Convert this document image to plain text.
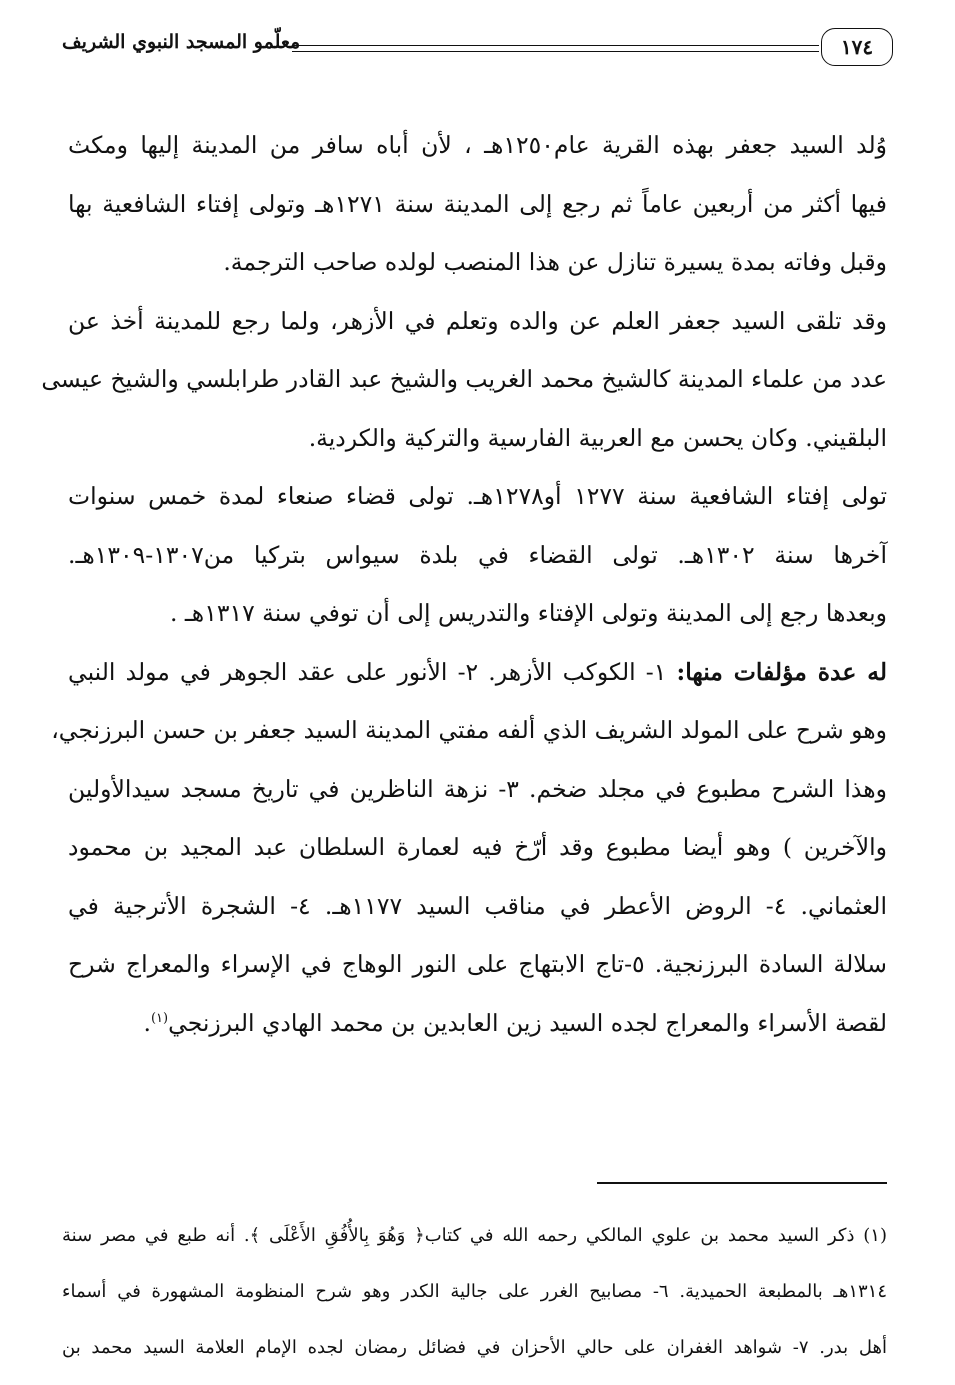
١٧٤
معلّمو المسجد النبوي الشريف
وُلد السيد جعفر بهذه القرية عام١٢٥٠هـ ، لأن أباه سافر من المدينة إليها ومكث
فيها أكثر من أربعين عاماً ثم رجع إلى المدينة سنة ١٢٧١هـ وتولى إفتاء الشافعية بها
وقبل وفاته بمدة يسيرة تنازل عن هذا المنصب لولده صاحب الترجمة.
وقد تلقى السيد جعفر العلم عن والده وتعلم في الأزهر، ولما رجع للمدينة أخذ عن
عدد من علماء المدينة كالشيخ محمد الغريب والشيخ عبد القادر طرابلسي والشيخ عيسى
البلقيني. وكان يحسن مع العربية الفارسية والتركية والكردية.
تولى إفتاء الشافعية سنة ١٢٧٧ أو١٢٧٨هـ. تولى قضاء صنعاء لمدة خمس سنوات
آخرها سنة ١٣٠٢هـ. تولى القضاء في بلدة سيواس بتركيا من١٣٠٧-١٣٠٩هـ.
وبعدها رجع إلى المدينة وتولى الإفتاء والتدريس إلى أن توفي سنة ١٣١٧هـ .
له عدة مؤلفات منها: ١- الكوكب الأزهر. ٢- الأنور على عقد الجوهر في مولد النبي
وهو شرح على المولد الشريف الذي ألفه مفتي المدينة السيد جعفر بن حسن البرزنجي،
وهذا الشرح مطبوع في مجلد ضخم. ٣- نزهة الناظرين في تاريخ مسجد سيدالأولين
والآخرين ) وهو أيضا مطبوع وقد أرّخ فيه لعمارة السلطان عبد المجيد بن محمود
العثماني. ٤- الروض الأعطر في مناقب السيد ١١٧٧هـ. ٤- الشجرة الأترجية في
سلالة السادة البرزنجية. ٥-تاج الابتهاج على النور الوهاج في الإسراء والمعراج شرح
لقصة الأسراء والمعراج لجده السيد زين العابدين بن محمد الهادي البرزنجي$^{(١)}$.
(١) ذكر السيد محمد بن علوي المالكي رحمه الله في كتاب﴿ وَهُوَ بِالأُفُقِ الأَعْلَى ﴾. أنه طبع في مصر سنة
١٣١٤هـ بالمطبعة الحميدية. ٦- مصابيح الغرر على جالية الكدر وهو شرح المنظومة المشهورة في أسماء
أهل بدر. ٧- شواهد الغفران على حالي الأحزان في فضائل رمضان لجده الإمام العلامة السيد محمد بن
